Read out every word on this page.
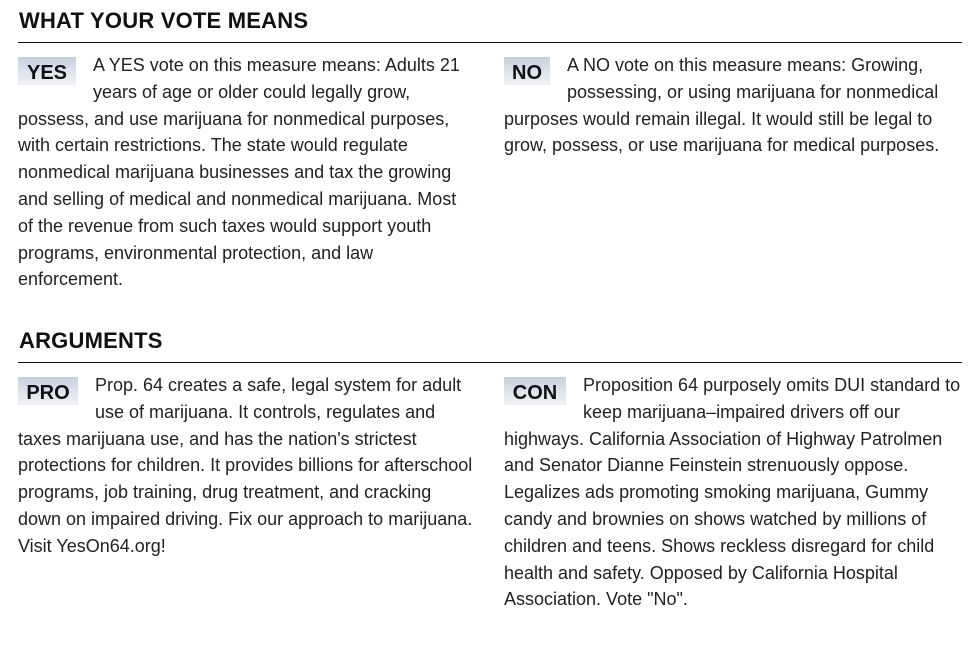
WHAT YOUR VOTE MEANS
YES	A YES vote on this measure means: Adults 21 years of age or older could legally grow, possess, and use marijuana for nonmedical purposes, with certain restrictions. The state would regulate nonmedical marijuana businesses and tax the growing and selling of medical and nonmedical marijuana. Most of the revenue from such taxes would support youth programs, environmental protection, and law enforcement.
NO	A NO vote on this measure means: Growing, possessing, or using marijuana for nonmedical purposes would remain illegal. It would still be legal to grow, possess, or use marijuana for medical purposes.
ARGUMENTS
PRO	Prop. 64 creates a safe, legal system for adult use of marijuana. It controls, regulates and taxes marijuana use, and has the nation's strictest protections for children. It provides billions for afterschool programs, job training, drug treatment, and cracking down on impaired driving. Fix our approach to marijuana. Visit YesOn64.org!
CON	Proposition 64 purposely omits DUI standard to keep marijuana–impaired drivers off our highways. California Association of Highway Patrolmen and Senator Dianne Feinstein strenuously oppose. Legalizes ads promoting smoking marijuana, Gummy candy and brownies on shows watched by millions of children and teens. Shows reckless disregard for child health and safety. Opposed by California Hospital Association. Vote "No".
